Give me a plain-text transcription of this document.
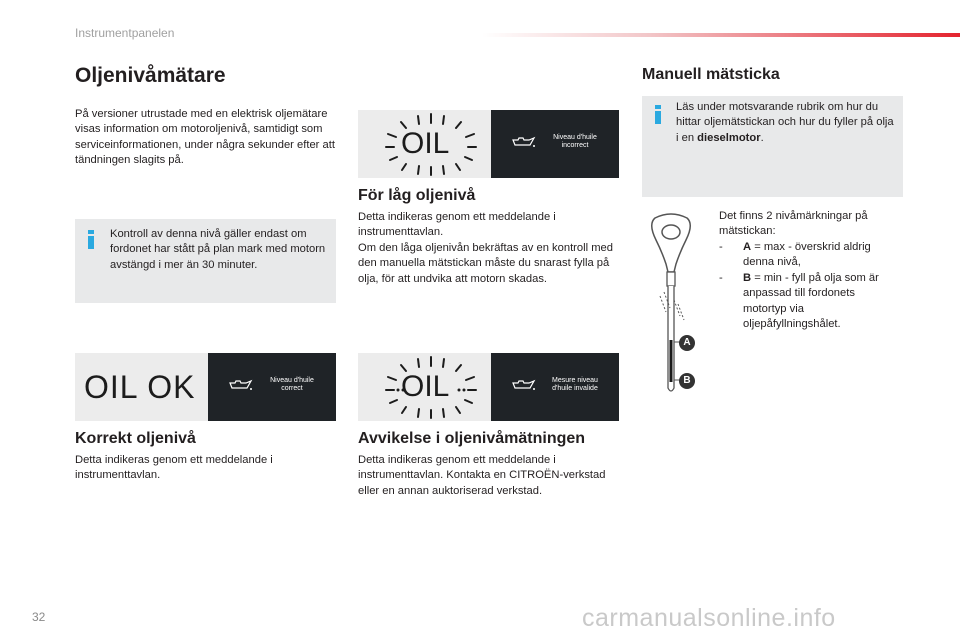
Instrumentpanelen
Oljenivåmätare
På versioner utrustade med en elektrisk oljemätare visas information om motoroljenivå, samtidigt som serviceinformationen, under några sekunder efter att tändningen slagits på.
Kontroll av denna nivå gäller endast om fordonet har stått på plan mark med motorn avstängd i mer än 30 minuter.
OIL OK	Niveau d'huile correct
Korrekt oljenivå
Detta indikeras genom ett meddelande i instrumenttavlan.
OIL	Niveau d'huile incorrect
För låg oljenivå
Detta indikeras genom ett meddelande i instrumenttavlan.
Om den låga oljenivån bekräftas av en kontroll med den manuella mätstickan måste du snarast fylla på olja, för att undvika att motorn skadas.
OIL	Mesure niveau d'huile invalide
Avvikelse i oljenivåmätningen
Detta indikeras genom ett meddelande i instrumenttavlan. Kontakta en CITROËN-verkstad eller en annan auktoriserad verkstad.
Manuell mätsticka
Läs under motsvarande rubrik om hur du hittar oljemätstickan och hur du fyller på olja i en dieselmotor.
A
B
Det finns 2 nivåmärkningar på mätstickan:
- A = max - överskrid aldrig denna nivå,
- B = min - fyll på olja som är anpassad till fordonets motortyp via oljepåfyllningshålet.
32	carmanualsonline.info
